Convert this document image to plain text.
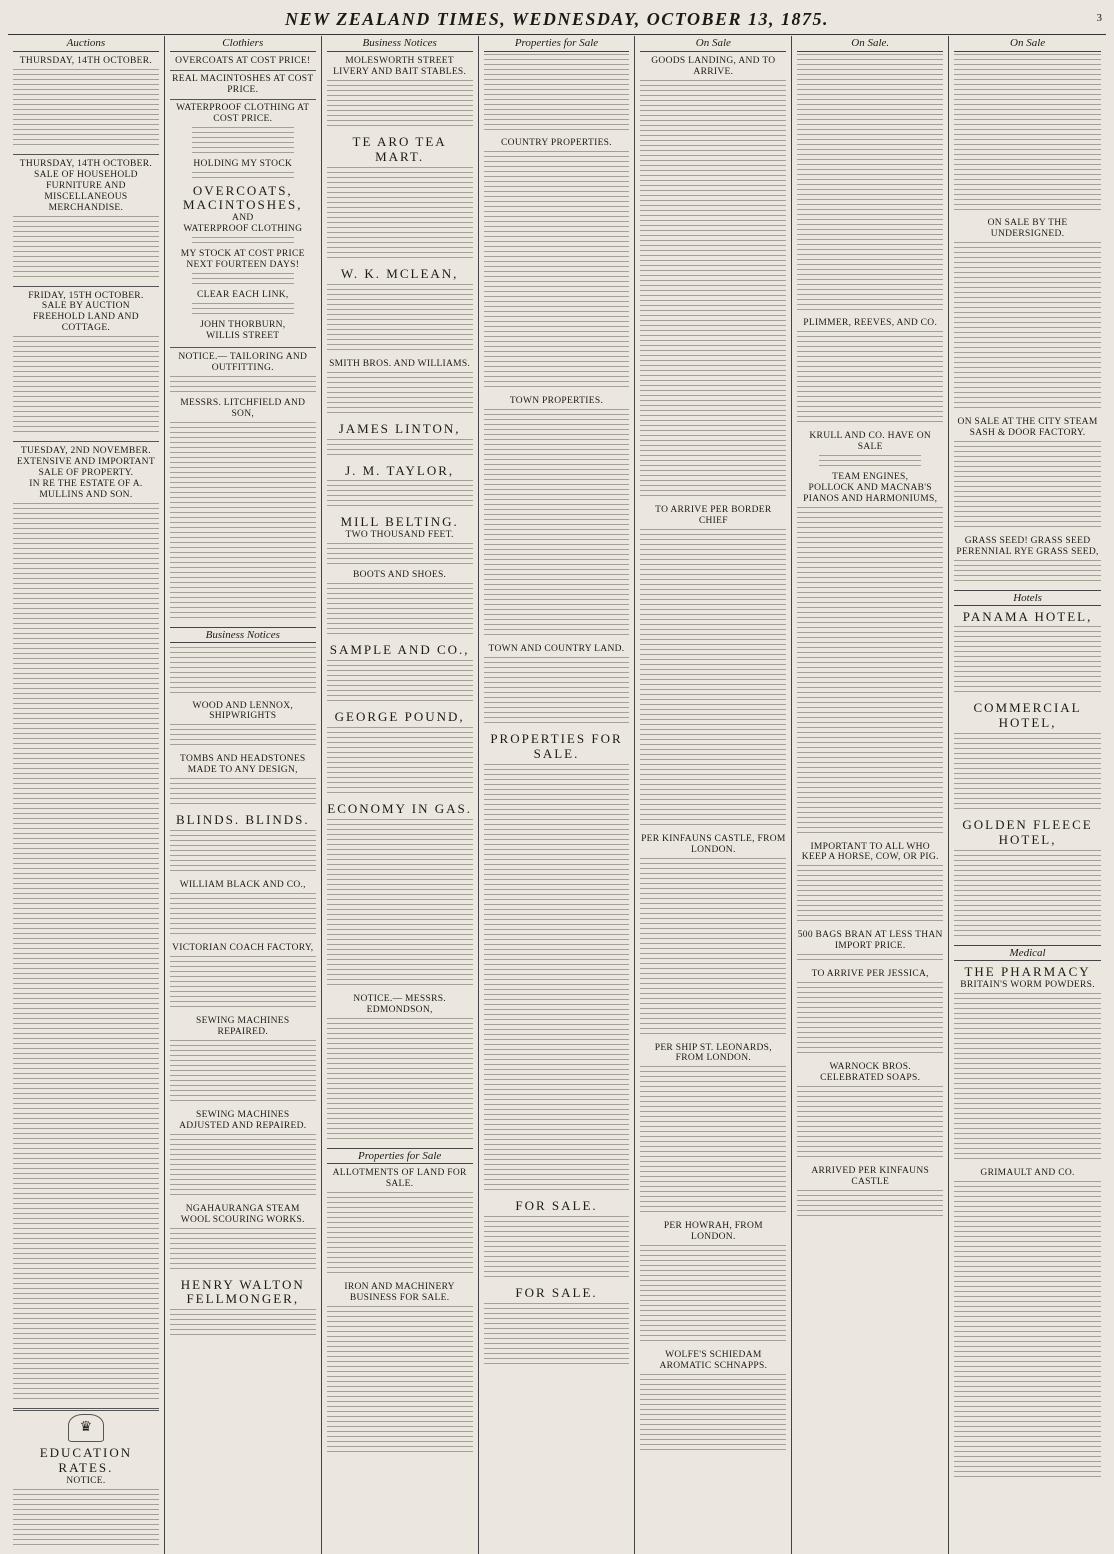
NEW ZEALAND TIMES, WEDNESDAY, OCTOBER 13, 1875.	3
Auctions
THURSDAY, 14TH OCTOBER.
THURSDAY, 14TH OCTOBER.
SALE OF HOUSEHOLD FURNITURE AND MISCELLANEOUS MERCHANDISE.
FRIDAY, 15TH OCTOBER.
SALE BY AUCTION
FREEHOLD LAND AND COTTAGE.
TUESDAY, 2ND NOVEMBER.
EXTENSIVE AND IMPORTANT SALE OF PROPERTY.
IN RE THE ESTATE OF A. MULLINS AND SON.
♛
EDUCATION RATES.
NOTICE.
Clothiers
OVERCOATS AT COST PRICE!
REAL MACINTOSHES AT COST PRICE.
WATERPROOF CLOTHING AT COST PRICE.
HOLDING MY STOCK
OVERCOATS, MACINTOSHES,
AND
WATERPROOF CLOTHING
MY STOCK AT COST PRICE
NEXT FOURTEEN DAYS!
CLEAR EACH LINK,
JOHN THORBURN,
WILLIS STREET
NOTICE.— TAILORING AND OUTFITTING.
MESSRS. LITCHFIELD AND SON,
Business Notices
WOOD AND LENNOX, SHIPWRIGHTS
TOMBS AND HEADSTONES MADE TO ANY DESIGN,
BLINDS. BLINDS.
WILLIAM BLACK AND CO.,
VICTORIAN COACH FACTORY,
SEWING MACHINES REPAIRED.
SEWING MACHINES ADJUSTED AND REPAIRED.
NGAHAURANGA STEAM WOOL SCOURING WORKS.
HENRY WALTON FELLMONGER,
Business Notices
MOLESWORTH STREET LIVERY AND BAIT STABLES.
TE ARO TEA MART.
W. K. MCLEAN,
SMITH BROS. AND WILLIAMS.
JAMES LINTON,
J. M. TAYLOR,
MILL BELTING.
TWO THOUSAND FEET.
BOOTS AND SHOES.
SAMPLE AND CO.,
GEORGE POUND,
ECONOMY IN GAS.
NOTICE.— MESSRS. EDMONDSON,
Properties for Sale
ALLOTMENTS OF LAND FOR SALE.
IRON AND MACHINERY BUSINESS FOR SALE.
Properties for Sale
COUNTRY PROPERTIES.
TOWN PROPERTIES.
TOWN AND COUNTRY LAND.
PROPERTIES FOR SALE.
FOR SALE.
FOR SALE.
On Sale
GOODS LANDING, AND TO ARRIVE.
TO ARRIVE PER BORDER CHIEF
PER KINFAUNS CASTLE, FROM LONDON.
PER SHIP ST. LEONARDS, FROM LONDON.
PER HOWRAH, FROM LONDON.
WOLFE'S SCHIEDAM AROMATIC SCHNAPPS.
On Sale.
PLIMMER, REEVES, AND CO.
KRULL AND CO. HAVE ON SALE
TEAM ENGINES,
POLLOCK AND MACNAB'S
PIANOS AND HARMONIUMS,
IMPORTANT TO ALL WHO KEEP A HORSE, COW, OR PIG.
500 BAGS BRAN AT LESS THAN IMPORT PRICE.
TO ARRIVE PER JESSICA,
WARNOCK BROS. CELEBRATED SOAPS.
ARRIVED PER KINFAUNS CASTLE
On Sale
ON SALE BY THE UNDERSIGNED.
ON SALE AT THE CITY STEAM SASH & DOOR FACTORY.
GRASS SEED! GRASS SEED
PERENNIAL RYE GRASS SEED,
Hotels
PANAMA HOTEL,
COMMERCIAL HOTEL,
GOLDEN FLEECE HOTEL,
Medical
THE PHARMACY
BRITAIN'S WORM POWDERS.
GRIMAULT AND CO.
